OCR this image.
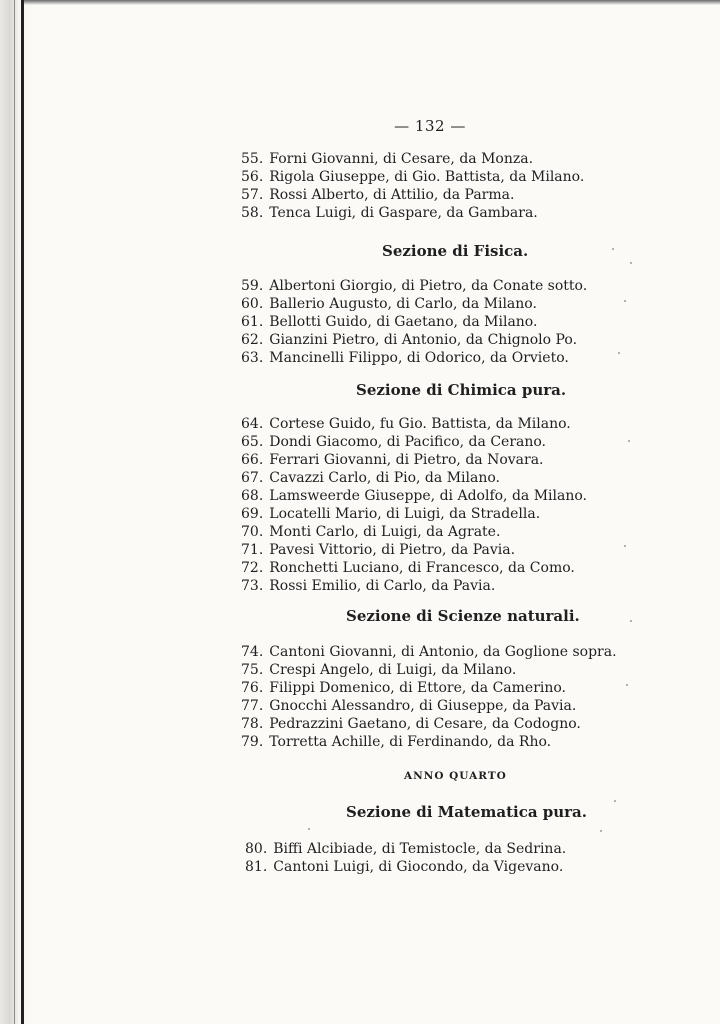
— 132 —
55. Forni Giovanni, di Cesare, da Monza.
56. Rigola Giuseppe, di Gio. Battista, da Milano.
57. Rossi Alberto, di Attilio, da Parma.
58. Tenca Luigi, di Gaspare, da Gambara.
Sezione di Fisica.
59. Albertoni Giorgio, di Pietro, da Conate sotto.
60. Ballerio Augusto, di Carlo, da Milano.
61. Bellotti Guido, di Gaetano, da Milano.
62. Gianzini Pietro, di Antonio, da Chignolo Po.
63. Mancinelli Filippo, di Odorico, da Orvieto.
Sezione di Chimica pura.
64. Cortese Guido, fu Gio. Battista, da Milano.
65. Dondi Giacomo, di Pacifico, da Cerano.
66. Ferrari Giovanni, di Pietro, da Novara.
67. Cavazzi Carlo, di Pio, da Milano.
68. Lamsweerde Giuseppe, di Adolfo, da Milano.
69. Locatelli Mario, di Luigi, da Stradella.
70. Monti Carlo, di Luigi, da Agrate.
71. Pavesi Vittorio, di Pietro, da Pavia.
72. Ronchetti Luciano, di Francesco, da Como.
73. Rossi Emilio, di Carlo, da Pavia.
Sezione di Scienze naturali.
74. Cantoni Giovanni, di Antonio, da Goglione sopra.
75. Crespi Angelo, di Luigi, da Milano.
76. Filippi Domenico, di Ettore, da Camerino.
77. Gnocchi Alessandro, di Giuseppe, da Pavia.
78. Pedrazzini Gaetano, di Cesare, da Codogno.
79. Torretta Achille, di Ferdinando, da Rho.
ANNO QUARTO
Sezione di Matematica pura.
80. Biffi Alcibiade, di Temistocle, da Sedrina.
81. Cantoni Luigi, di Giocondo, da Vigevano.
